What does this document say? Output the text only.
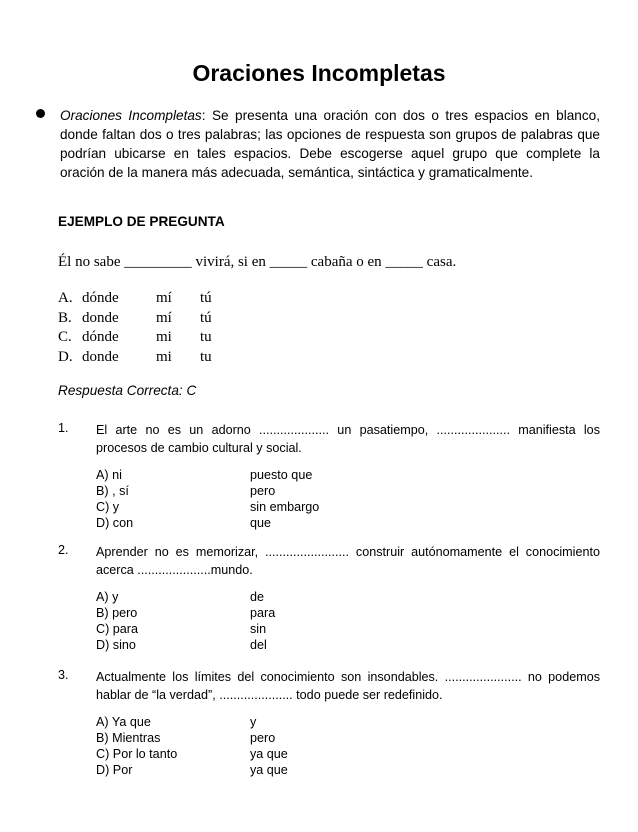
Oraciones Incompletas
Oraciones Incompletas: Se presenta una oración con dos o tres espacios en blanco, donde faltan dos o tres palabras; las opciones de respuesta son grupos de palabras que podrían ubicarse en tales espacios. Debe escogerse aquel grupo que complete la oración de la manera más adecuada, semántica, sintáctica y gramaticalmente.
EJEMPLO DE PREGUNTA
Él no sabe _________ vivirá, si en _____ cabaña o en _____ casa.
A. dónde mí tú
B. donde mí tú
C. dónde mi tu
D. donde mi tu
Respuesta Correcta: C
1. El arte no es un adorno .................... un pasatiempo, ..................... manifiesta los procesos de cambio cultural y social.
A) ni	puesto que
B) , sí	pero
C) y	sin embargo
D) con	que
2. Aprender no es memorizar, ........................ construir autónomamente el conocimiento acerca .....................mundo.
A) y	de
B) pero	para
C) para	sin
D) sino	del
3. Actualmente los límites del conocimiento son insondables. ...................... no podemos hablar de “la verdad”, ..................... todo puede ser redefinido.
A) Ya que	y
B) Mientras	pero
C) Por lo tanto	ya que
D) Por	ya que
